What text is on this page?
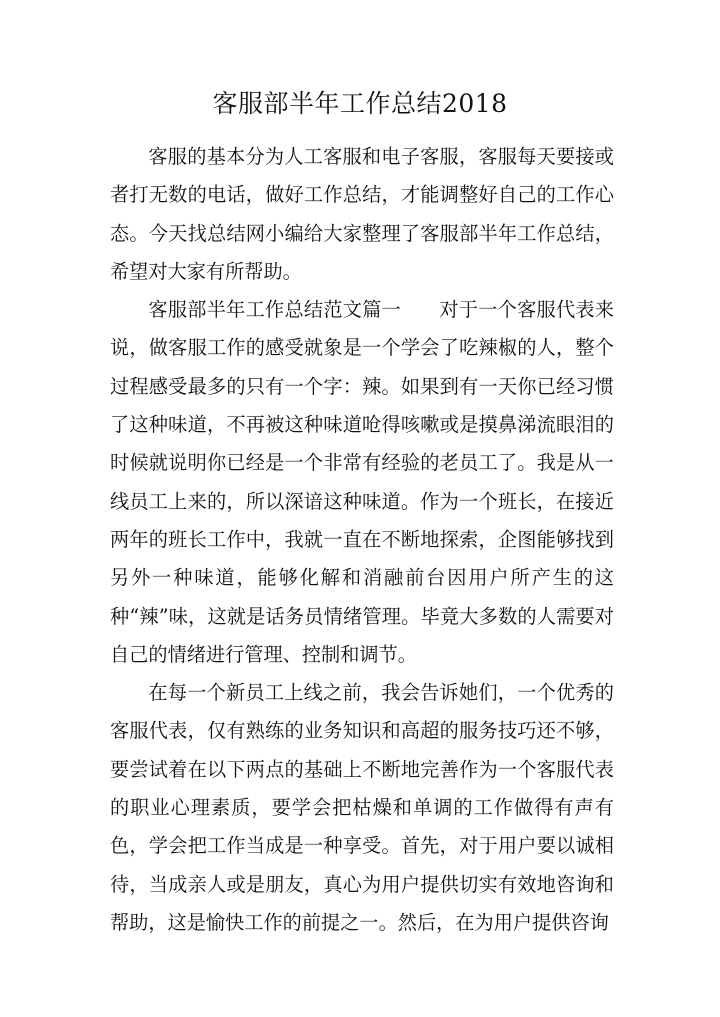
客服部半年工作总结2018

客服的基本分为人工客服和电子客服，客服每天要接或者打无数的电话，做好工作总结，才能调整好自己的工作心态。今天找总结网小编给大家整理了客服部半年工作总结，希望对大家有所帮助。

客服部半年工作总结范文篇一 对于一个客服代表来说，做客服工作的感受就象是一个学会了吃辣椒的人，整个过程感受最多的只有一个字：辣。如果到有一天你已经习惯了这种味道，不再被这种味道呛得咳嗽或是摸鼻涕流眼泪的时候就说明你已经是一个非常有经验的老员工了。我是从一线员工上来的，所以深谙这种味道。作为一个班长，在接近两年的班长工作中，我就一直在不断地探索，企图能够找到另外一种味道，能够化解和消融前台因用户所产生的这种“辣”味，这就是话务员情绪管理。毕竟大多数的人需要对自己的情绪进行管理、控制和调节。

在每一个新员工上线之前，我会告诉她们，一个优秀的客服代表，仅有熟练的业务知识和高超的服务技巧还不够，要尝试着在以下两点的基础上不断地完善作为一个客服代表的职业心理素质，要学会把枯燥和单调的工作做得有声有色，学会把工作当成是一种享受。首先，对于用户要以诚相待，当成亲人或是朋友，真心为用户提供切实有效地咨询和帮助，这是愉快工作的前提之一。然后，在为用户提供咨询
